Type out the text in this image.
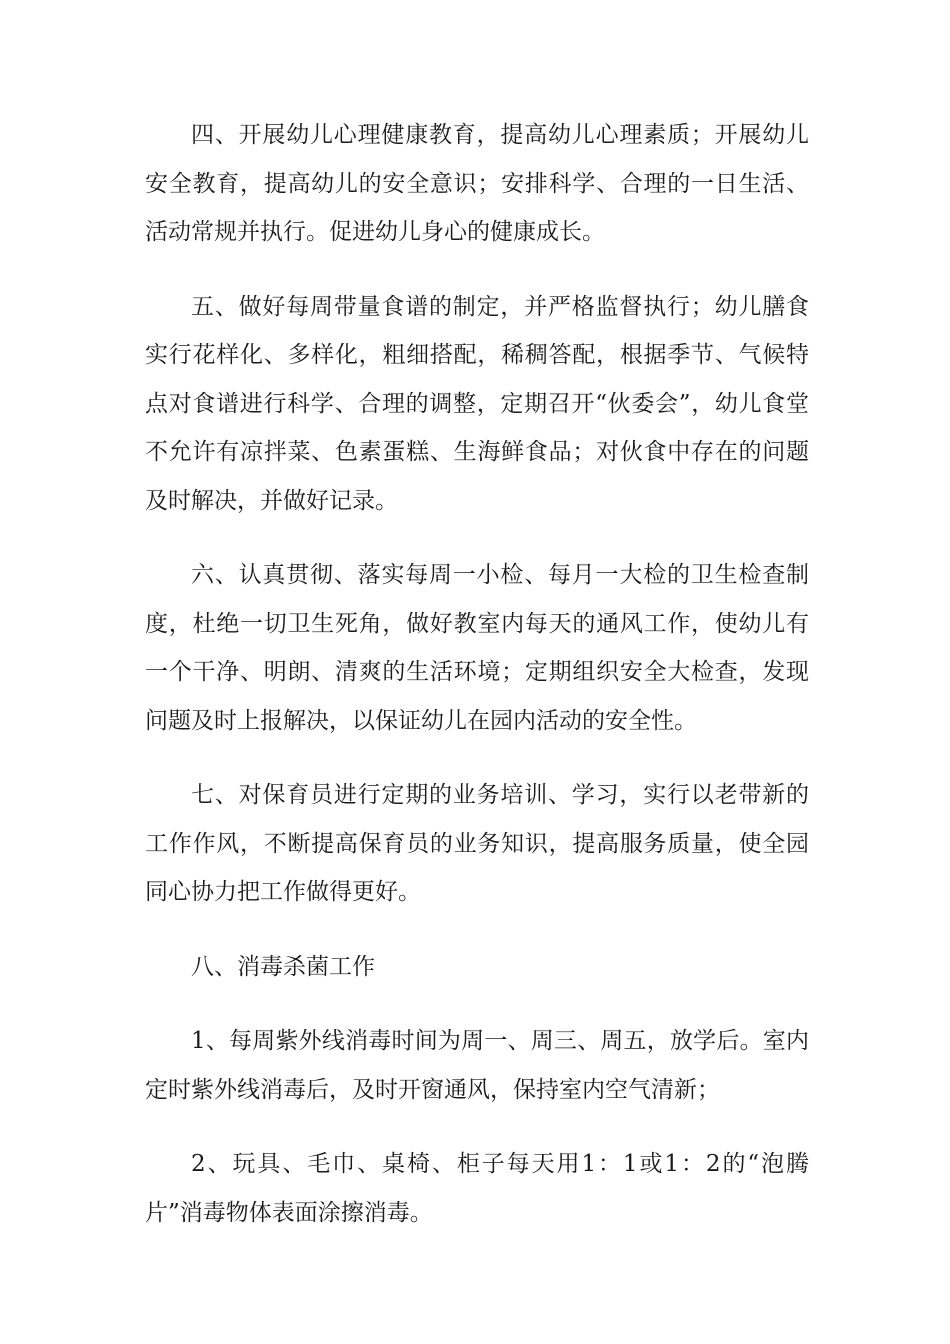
四、开展幼儿心理健康教育，提高幼儿心理素质；开展幼儿安全教育，提高幼儿的安全意识；安排科学、合理的一日生活、活动常规并执行。促进幼儿身心的健康成长。

五、做好每周带量食谱的制定，并严格监督执行；幼儿膳食实行花样化、多样化，粗细搭配，稀稠答配，根据季节、气候特点对食谱进行科学、合理的调整，定期召开“伙委会”，幼儿食堂不允许有凉拌菜、色素蛋糕、生海鲜食品；对伙食中存在的问题及时解决，并做好记录。

六、认真贯彻、落实每周一小检、每月一大检的卫生检查制度，杜绝一切卫生死角，做好教室内每天的通风工作，使幼儿有一个干净、明朗、清爽的生活环境；定期组织安全大检查，发现问题及时上报解决，以保证幼儿在园内活动的安全性。

七、对保育员进行定期的业务培训、学习，实行以老带新的工作作风，不断提高保育员的业务知识，提高服务质量，使全园同心协力把工作做得更好。

八、消毒杀菌工作

1、每周紫外线消毒时间为周一、周三、周五，放学后。室内定时紫外线消毒后，及时开窗通风，保持室内空气清新；

2、玩具、毛巾、桌椅、柜子每天用1：1或1：2的“泡腾片”消毒物体表面涂擦消毒。
